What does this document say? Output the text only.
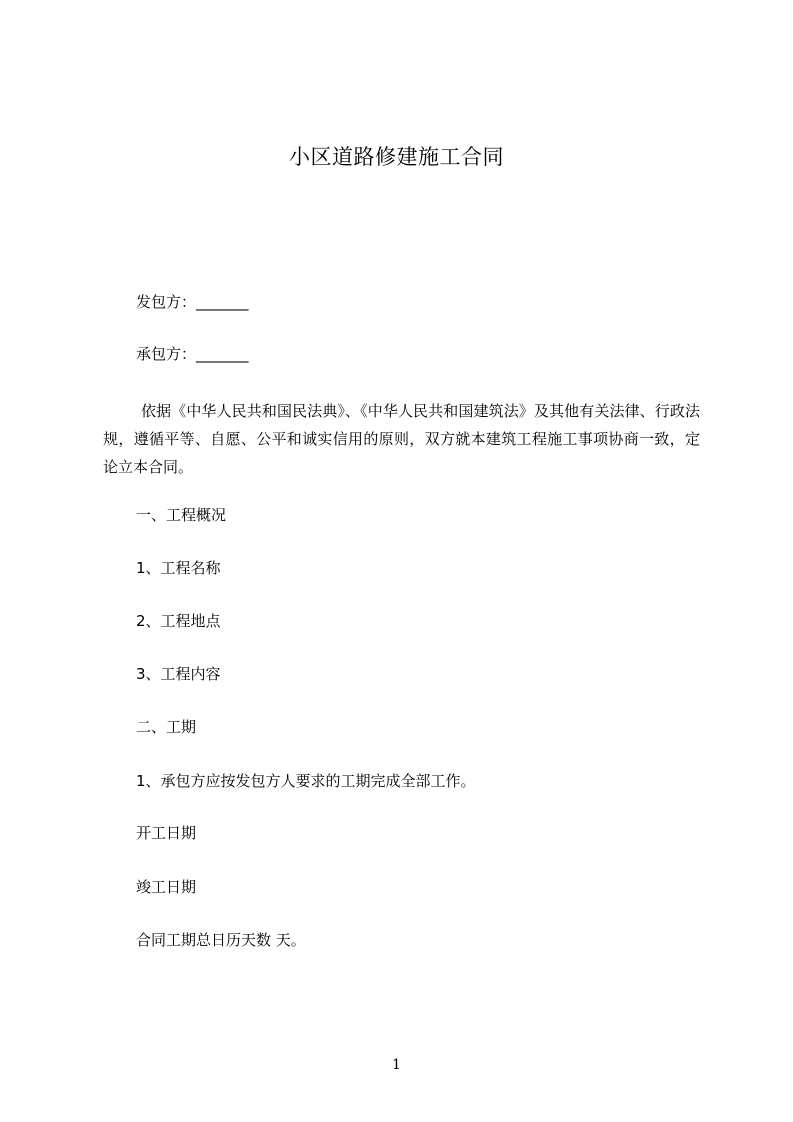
小区道路修建施工合同
发包方：_______
承包方：_______
依据《中华人民共和国民法典》、《中华人民共和国建筑法》及其他有关法律、行政法规，遵循平等、自愿、公平和诚实信用的原则，双方就本建筑工程施工事项协商一致，定论立本合同。
一、工程概况
1、工程名称
2、工程地点
3、工程内容
二、工期
1、承包方应按发包方人要求的工期完成全部工作。
开工日期
竣工日期
合同工期总日历天数 天。
1
